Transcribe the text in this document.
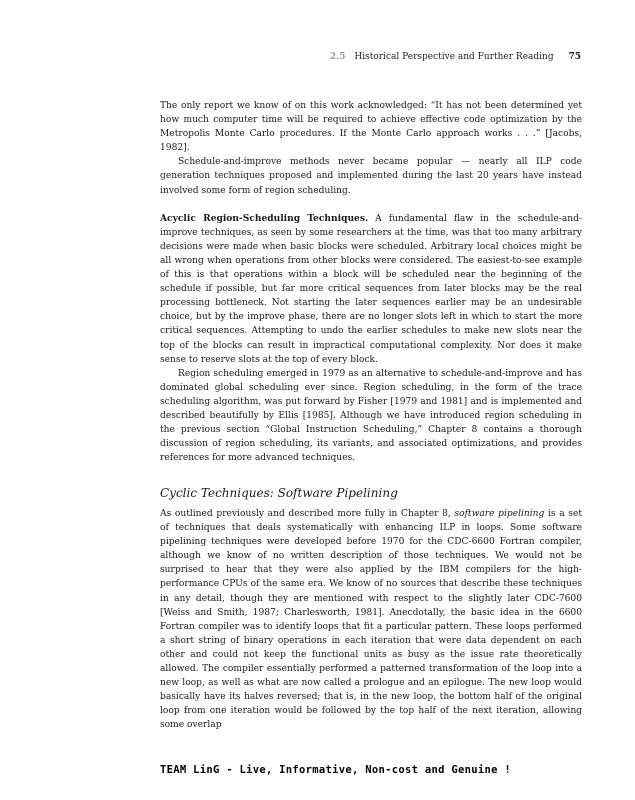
2.5 Historical Perspective and Further Reading 75

The only report we know of on this work acknowledged: “It has not been determined yet how much computer time will be required to achieve effective code optimization by the Metropolis Monte Carlo procedures. If the Monte Carlo approach works . . .” [Jacobs, 1982].

Schedule-and-improve methods never became popular — nearly all ILP code generation techniques proposed and implemented during the last 20 years have instead involved some form of region scheduling.

Acyclic Region-Scheduling Techniques. A fundamental flaw in the schedule-and-improve techniques, as seen by some researchers at the time, was that too many arbitrary decisions were made when basic blocks were scheduled. Arbitrary local choices might be all wrong when operations from other blocks were considered. The easiest-to-see example of this is that operations within a block will be scheduled near the beginning of the schedule if possible, but far more critical sequences from later blocks may be the real processing bottleneck. Not starting the later sequences earlier may be an undesirable choice, but by the improve phase, there are no longer slots left in which to start the more critical sequences. Attempting to undo the earlier schedules to make new slots near the top of the blocks can result in impractical computational complexity. Nor does it make sense to reserve slots at the top of every block.

Region scheduling emerged in 1979 as an alternative to schedule-and-improve and has dominated global scheduling ever since. Region scheduling, in the form of the trace scheduling algorithm, was put forward by Fisher [1979 and 1981] and is implemented and described beautifully by Ellis [1985]. Although we have introduced region scheduling in the previous section “Global Instruction Scheduling,” Chapter 8 contains a thorough discussion of region scheduling, its variants, and associated optimizations, and provides references for more advanced techniques.

Cyclic Techniques: Software Pipelining

As outlined previously and described more fully in Chapter 8, software pipelining is a set of techniques that deals systematically with enhancing ILP in loops. Some software pipelining techniques were developed before 1970 for the CDC-6600 Fortran compiler, although we know of no written description of those techniques. We would not be surprised to hear that they were also applied by the IBM compilers for the high-performance CPUs of the same era. We know of no sources that describe these techniques in any detail, though they are mentioned with respect to the slightly later CDC-7600 [Weiss and Smith, 1987; Charlesworth, 1981]. Anecdotally, the basic idea in the 6600 Fortran compiler was to identify loops that fit a particular pattern. These loops performed a short string of binary operations in each iteration that were data dependent on each other and could not keep the functional units as busy as the issue rate theoretically allowed. The compiler essentially performed a patterned transformation of the loop into a new loop, as well as what are now called a prologue and an epilogue. The new loop would basically have its halves reversed; that is, in the new loop, the bottom half of the original loop from one iteration would be followed by the top half of the next iteration, allowing some overlap

TEAM LinG - Live, Informative, Non-cost and Genuine !
